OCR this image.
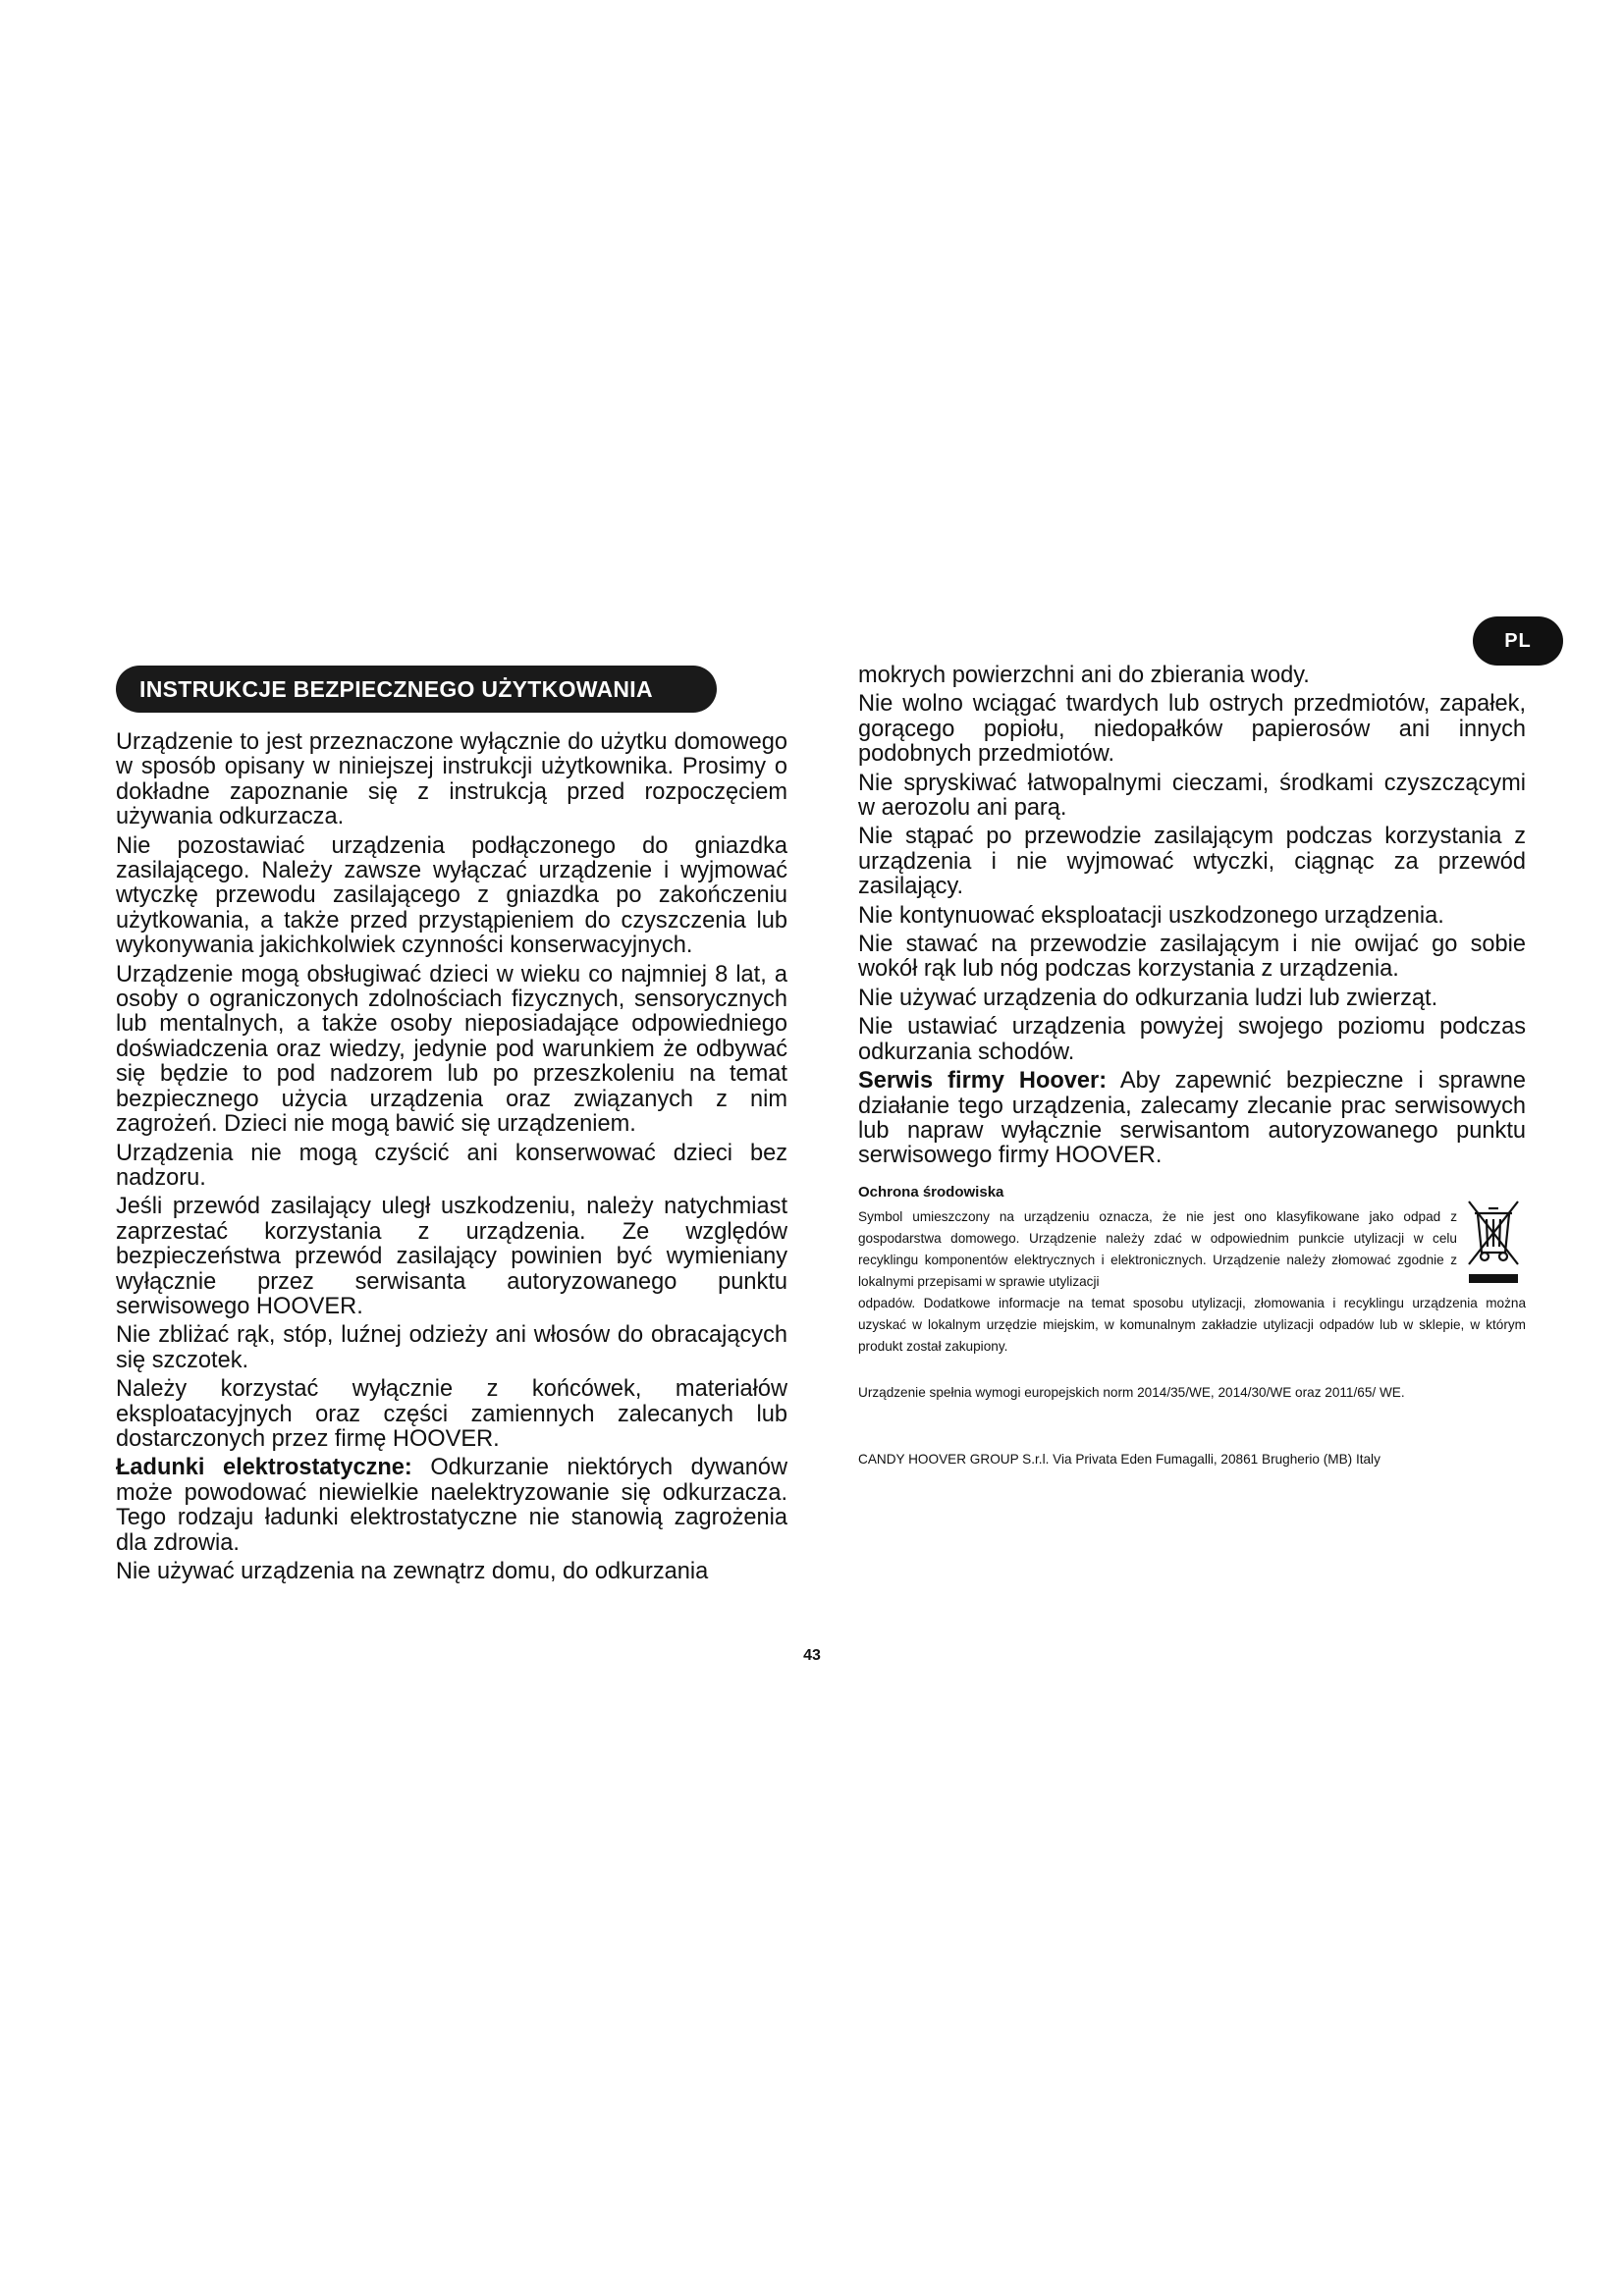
PL
INSTRUKCJE BEZPIECZNEGO UŻYTKOWANIA

Urządzenie to jest przeznaczone wyłącznie do użytku domowego w sposób opisany w niniejszej instrukcji użytkownika. Prosimy o dokładne zapoznanie się z instrukcją przed rozpoczęciem używania odkurzacza.

Nie pozostawiać urządzenia podłączonego do gniazdka zasilającego. Należy zawsze wyłączać urządzenie i wyjmować wtyczkę przewodu zasilającego z gniazdka po zakończeniu użytkowania, a także przed przystąpieniem do czyszczenia lub wykonywania jakichkolwiek czynności konserwacyjnych.

Urządzenie mogą obsługiwać dzieci w wieku co najmniej 8 lat, a osoby o ograniczonych zdolnościach fizycznych, sensorycznych lub mentalnych, a także osoby nieposiadające odpowiedniego doświadczenia oraz wiedzy, jedynie pod warunkiem że odbywać się będzie to pod nadzorem lub po przeszkoleniu na temat bezpiecznego użycia urządzenia oraz związanych z nim zagrożeń. Dzieci nie mogą bawić się urządzeniem.

Urządzenia nie mogą czyścić ani konserwować dzieci bez nadzoru.

Jeśli przewód zasilający uległ uszkodzeniu, należy natychmiast zaprzestać korzystania z urządzenia. Ze względów bezpieczeństwa przewód zasilający powinien być wymieniany wyłącznie przez serwisanta autoryzowanego punktu serwisowego HOOVER.

Nie zbliżać rąk, stóp, luźnej odzieży ani włosów do obracających się szczotek.

Należy korzystać wyłącznie z końcówek, materiałów eksploatacyjnych oraz części zamiennych zalecanych lub dostarczonych przez firmę HOOVER.

Ładunki elektrostatyczne: Odkurzanie niektórych dywanów może powodować niewielkie naelektryzowanie się odkurzacza. Tego rodzaju ładunki elektrostatyczne nie stanowią zagrożenia dla zdrowia.

Nie używać urządzenia na zewnątrz domu, do odkurzania

mokrych powierzchni ani do zbierania wody.

Nie wolno wciągać twardych lub ostrych przedmiotów, zapałek, gorącego popiołu, niedopałków papierosów ani innych podobnych przedmiotów.

Nie spryskiwać łatwopalnymi cieczami, środkami czyszczącymi w aerozolu ani parą.

Nie stąpać po przewodzie zasilającym podczas korzystania z urządzenia i nie wyjmować wtyczki, ciągnąc za przewód zasilający.

Nie kontynuować eksploatacji uszkodzonego urządzenia.

Nie stawać na przewodzie zasilającym i nie owijać go sobie wokół rąk lub nóg podczas korzystania z urządzenia.

Nie używać urządzenia do odkurzania ludzi lub zwierząt.

Nie ustawiać urządzenia powyżej swojego poziomu podczas odkurzania schodów.

Serwis firmy Hoover: Aby zapewnić bezpieczne i sprawne działanie tego urządzenia, zalecamy zlecanie prac serwisowych lub napraw wyłącznie serwisantom autoryzowanego punktu serwisowego firmy HOOVER.

Ochrona środowiska

Symbol umieszczony na urządzeniu oznacza, że nie jest ono klasyfikowane jako odpad z gospodarstwa domowego. Urządzenie należy zdać w odpowiednim punkcie utylizacji w celu recyklingu komponentów elektrycznych i elektronicznych. Urządzenie należy złomować zgodnie z lokalnymi przepisami w sprawie utylizacji
odpadów. Dodatkowe informacje na temat sposobu utylizacji, złomowania i recyklingu urządzenia można uzyskać w lokalnym urzędzie miejskim, w komunalnym zakładzie utylizacji odpadów lub w sklepie, w którym produkt został zakupiony.

Urządzenie spełnia wymogi europejskich norm 2014/35/WE, 2014/30/WE oraz 2011/65/ WE.

CANDY HOOVER GROUP S.r.l. Via Privata Eden Fumagalli, 20861 Brugherio (MB) Italy

43
